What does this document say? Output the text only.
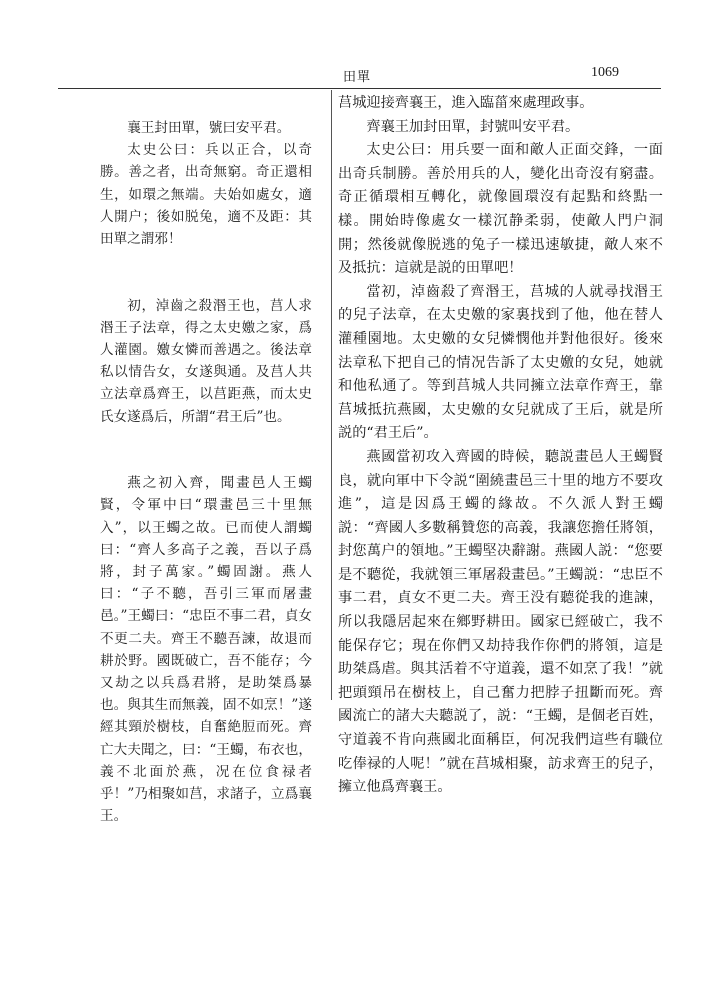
田單	1069

襄王封田單，號曰安平君。

太史公曰：兵以正合，以奇勝。善之者，出奇無窮。奇正還相生，如環之無端。夫始如處女，適人開户；後如脱兔，適不及距：其田單之謂邪！

初，淖齒之殺湣王也，莒人求湣王子法章，得之太史嬓之家，爲人灌園。嬓女憐而善遇之。後法章私以情告女，女遂與通。及莒人共立法章爲齊王，以莒距燕，而太史氏女遂爲后，所謂“君王后”也。

燕之初入齊，聞畫邑人王蠋賢，令軍中曰“環畫邑三十里無入”，以王蠋之故。已而使人謂蠋曰：“齊人多高子之義，吾以子爲將，封子萬家。”蠋固謝。燕人曰：“子不聽，吾引三軍而屠畫邑。”王蠋曰：“忠臣不事二君，貞女不更二夫。齊王不聽吾諫，故退而耕於野。國既破亡，吾不能存；今又劫之以兵爲君將，是助桀爲暴也。與其生而無義，固不如烹！”遂經其頸於樹枝，自奮絶脰而死。齊亡大夫聞之，曰：“王蠋，布衣也，義不北面於燕，况在位食禄者乎！”乃相聚如莒，求諸子，立爲襄王。

莒城迎接齊襄王，進入臨菑來處理政事。

齊襄王加封田單，封號叫安平君。

太史公曰：用兵要一面和敵人正面交鋒，一面出奇兵制勝。善於用兵的人，變化出奇沒有窮盡。奇正循環相互轉化，就像圓環沒有起點和終點一樣。開始時像處女一樣沉静柔弱，使敵人門户洞開；然後就像脱逃的兔子一樣迅速敏捷，敵人來不及抵抗：這就是説的田單吧！

當初，淖齒殺了齊湣王，莒城的人就尋找湣王的兒子法章，在太史嬓的家裏找到了他，他在替人灌種園地。太史嬓的女兒憐憫他并對他很好。後來法章私下把自己的情况告訴了太史嬓的女兒，她就和他私通了。等到莒城人共同擁立法章作齊王，靠莒城抵抗燕國，太史嬓的女兒就成了王后，就是所説的“君王后”。

燕國當初攻入齊國的時候，聽説畫邑人王蠋賢良，就向軍中下令説“圍繞畫邑三十里的地方不要攻進”，這是因爲王蠋的緣故。不久派人對王蠋説：“齊國人多數稱贊您的高義，我讓您擔任將領，封您萬户的領地。”王蠋堅决辭謝。燕國人説：“您要是不聽從，我就領三軍屠殺畫邑。”王蠋説：“忠臣不事二君，貞女不更二夫。齊王没有聽從我的進諫，所以我隱居起來在鄉野耕田。國家已經破亡，我不能保存它；現在你們又劫持我作你們的將領，這是助桀爲虐。與其活着不守道義，還不如烹了我！”就把頭頸吊在樹枝上，自己奮力把脖子扭斷而死。齊國流亡的諸大夫聽説了，説：“王蠋，是個老百姓，守道義不肯向燕國北面稱臣，何况我們這些有職位吃俸禄的人呢！”就在莒城相聚，訪求齊王的兒子，擁立他爲齊襄王。
